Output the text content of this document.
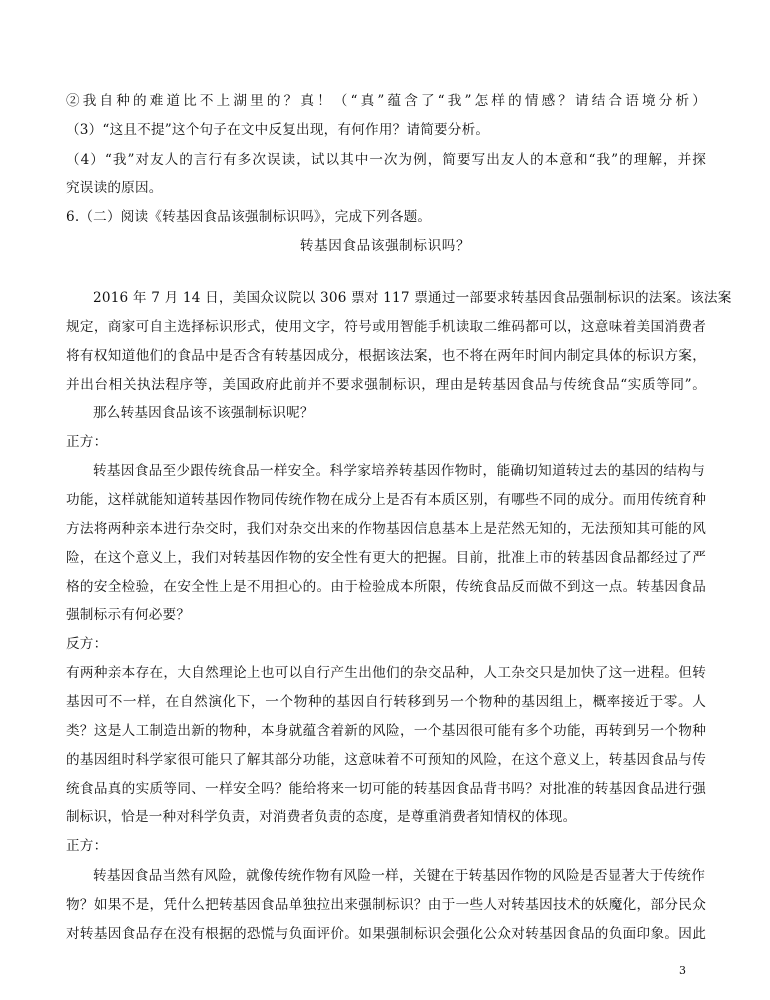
②我自种的难道比不上湖里的？真！（“真”蕴含了“我”怎样的情感？请结合语境分析）
（3）“这且不提”这个句子在文中反复出现，有何作用？请简要分析。
（4）“我”对友人的言行有多次误读，试以其中一次为例，简要写出友人的本意和“我”的理解，并探
究误读的原因。
6.（二）阅读《转基因食品该强制标识吗》，完成下列各题。
转基因食品该强制标识吗？
2016 年 7 月 14 日，美国众议院以 306 票对 117 票通过一部要求转基因食品强制标识的法案。该法案
规定，商家可自主选择标识形式，使用文字，符号或用智能手机读取二维码都可以，这意味着美国消费者
将有权知道他们的食品中是否含有转基因成分，根据该法案，也不将在两年时间内制定具体的标识方案，
并出台相关执法程序等，美国政府此前并不要求强制标识，理由是转基因食品与传统食品“实质等同”。
那么转基因食品该不该强制标识呢？
正方：
转基因食品至少跟传统食品一样安全。科学家培养转基因作物时，能确切知道转过去的基因的结构与
功能，这样就能知道转基因作物同传统作物在成分上是否有本质区别，有哪些不同的成分。而用传统育种
方法将两种亲本进行杂交时，我们对杂交出来的作物基因信息基本上是茫然无知的，无法预知其可能的风
险，在这个意义上，我们对转基因作物的安全性有更大的把握。目前，批准上市的转基因食品都经过了严
格的安全检验，在安全性上是不用担心的。由于检验成本所限，传统食品反而做不到这一点。转基因食品
强制标示有何必要？
反方：
有两种亲本存在，大自然理论上也可以自行产生出他们的杂交品种，人工杂交只是加快了这一进程。但转
基因可不一样，在自然演化下，一个物种的基因自行转移到另一个物种的基因组上，概率接近于零。人
类？这是人工制造出新的物种，本身就蕴含着新的风险，一个基因很可能有多个功能，再转到另一个物种
的基因组时科学家很可能只了解其部分功能，这意味着不可预知的风险，在这个意义上，转基因食品与传
统食品真的实质等同、一样安全吗？能给将来一切可能的转基因食品背书吗？对批准的转基因食品进行强
制标识，恰是一种对科学负责，对消费者负责的态度，是尊重消费者知情权的体现。
正方：
转基因食品当然有风险，就像传统作物有风险一样，关键在于转基因作物的风险是否显著大于传统作
物？如果不是，凭什么把转基因食品单独拉出来强制标识？由于一些人对转基因技术的妖魔化，部分民众
对转基因食品存在没有根据的恐慌与负面评价。如果强制标识会强化公众对转基因食品的负面印象。因此
3
